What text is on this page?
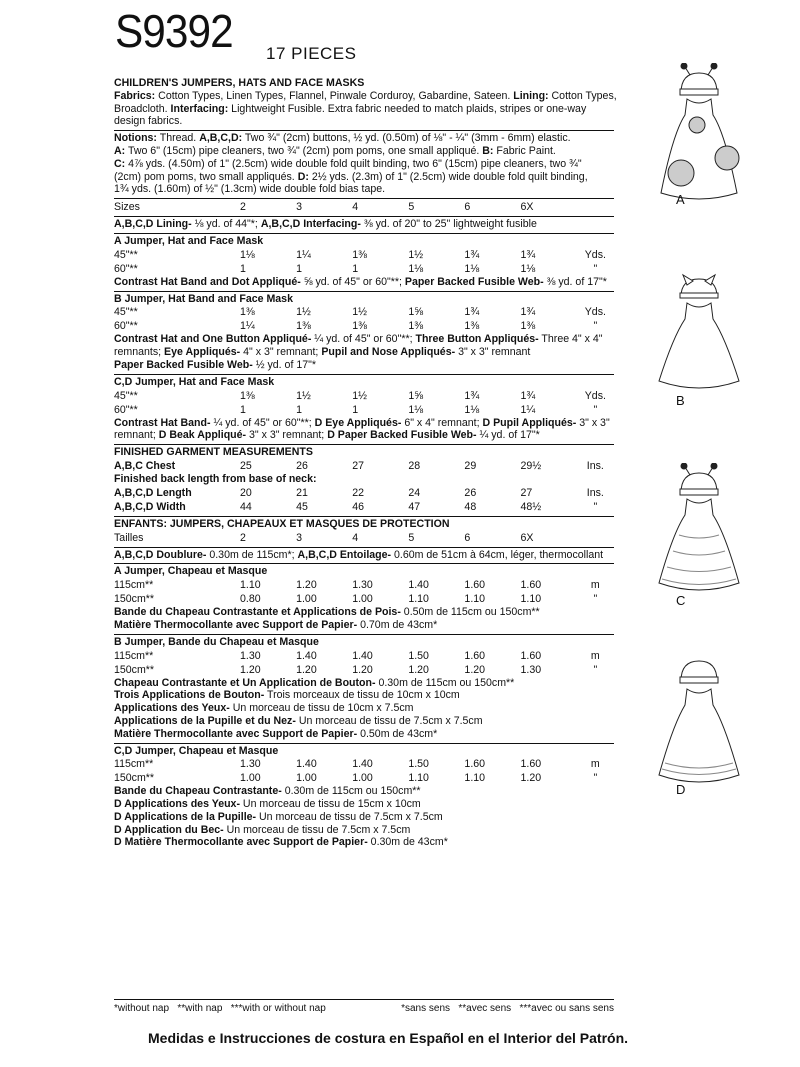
S9392	17 PIECES
CHILDREN'S JUMPERS, HATS AND FACE MASKS
Fabrics: Cotton Types, Linen Types, Flannel, Pinwale Corduroy, Gabardine, Sateen. Lining: Cotton Types,
Broadcloth. Interfacing: Lightweight Fusible. Extra fabric needed to match plaids, stripes or one-way
design fabrics.
Notions: Thread. A,B,C,D: Two ¾" (2cm) buttons, ½ yd. (0.50m) of ⅛" - ¼" (3mm - 6mm) elastic.
A: Two 6" (15cm) pipe cleaners, two ¾" (2cm) pom poms, one small appliqué. B: Fabric Paint.
C: 4⅞ yds. (4.50m) of 1" (2.5cm) wide double fold quilt binding, two 6" (15cm) pipe cleaners, two ¾"
(2cm) pom poms, two small appliqués. D: 2½ yds. (2.3m) of 1" (2.5cm) wide double fold quilt binding,
1¾ yds. (1.60m) of ½" (1.3cm) wide double fold bias tape.
Sizes	2	3	4	5	6	6X
A,B,C,D Lining- ⅛ yd. of 44"*; A,B,C,D Interfacing- ⅜ yd. of 20" to 25" lightweight fusible
A Jumper, Hat and Face Mask
45"**	1⅛	1¼	1⅜	1½	1¾	1¾	Yds.
60"**	1	1	1	1⅛	1⅛	1⅛	"
Contrast Hat Band and Dot Appliqué- ⅝ yd. of 45" or 60"**; Paper Backed Fusible Web- ⅜ yd. of 17"*
B Jumper, Hat Band and Face Mask
45"**	1⅜	1½	1½	1⅝	1¾	1¾	Yds.
60"**	1¼	1⅜	1⅜	1⅜	1⅜	1⅜	"
Contrast Hat and One Button Appliqué- ¼ yd. of 45" or 60"**; Three Button Appliqués- Three 4" x 4"
remnants; Eye Appliqués- 4" x 3" remnant; Pupil and Nose Appliqués- 3" x 3" remnant
Paper Backed Fusible Web- ½ yd. of 17"*
C,D Jumper, Hat and Face Mask
45"**	1⅜	1½	1½	1⅝	1¾	1¾	Yds.
60"**	1	1	1	1⅛	1⅛	1¼	"
Contrast Hat Band- ¼ yd. of 45" or 60"**; D Eye Appliqués- 6" x 4" remnant; D Pupil Appliqués- 3" x 3"
remnant; D Beak Appliqué- 3" x 3" remnant; D Paper Backed Fusible Web- ¼ yd. of 17"*
FINISHED GARMENT MEASUREMENTS
A,B,C Chest	25	26	27	28	29	29½	Ins.
Finished back length from base of neck:
A,B,C,D Length	20	21	22	24	26	27	Ins.
A,B,C,D Width	44	45	46	47	48	48½	"
ENFANTS: JUMPERS, CHAPEAUX ET MASQUES DE PROTECTION
Tailles	2	3	4	5	6	6X
A,B,C,D Doublure- 0.30m de 115cm*; A,B,C,D Entoilage- 0.60m de 51cm à 64cm, léger, thermocollant
A Jumper, Chapeau et Masque
115cm**	1.10	1.20	1.30	1.40	1.60	1.60	m
150cm**	0.80	1.00	1.00	1.10	1.10	1.10	"
Bande du Chapeau Contrastante et Applications de Pois- 0.50m de 115cm ou 150cm**
Matière Thermocollante avec Support de Papier- 0.70m de 43cm*
B Jumper, Bande du Chapeau et Masque
115cm**	1.30	1.40	1.40	1.50	1.60	1.60	m
150cm**	1.20	1.20	1.20	1.20	1.20	1.30	"
Chapeau Contrastante et Un Application de Bouton- 0.30m de 115cm ou 150cm**
Trois Applications de Bouton- Trois morceaux de tissu de 10cm x 10cm
Applications des Yeux- Un morceau de tissu de 10cm x 7.5cm
Applications de la Pupille et du Nez- Un morceau de tissu de 7.5cm x 7.5cm
Matière Thermocollante avec Support de Papier- 0.50m de 43cm*
C,D Jumper, Chapeau et Masque
115cm**	1.30	1.40	1.40	1.50	1.60	1.60	m
150cm**	1.00	1.00	1.00	1.10	1.10	1.20	"
Bande du Chapeau Contrastante- 0.30m de 115cm ou 150cm**
D Applications des Yeux- Un morceau de tissu de 15cm x 10cm
D Applications de la Pupille- Un morceau de tissu de 7.5cm x 7.5cm
D Application du Bec- Un morceau de tissu de 7.5cm x 7.5cm
D Matière Thermocollante avec Support de Papier- 0.30m de 43cm*
*without nap   **with nap   ***with or without nap	*sans sens   **avec sens   ***avec ou sans sens
Medidas e Instrucciones de costura en Español en el Interior del Patrón.
A
B
C
D
